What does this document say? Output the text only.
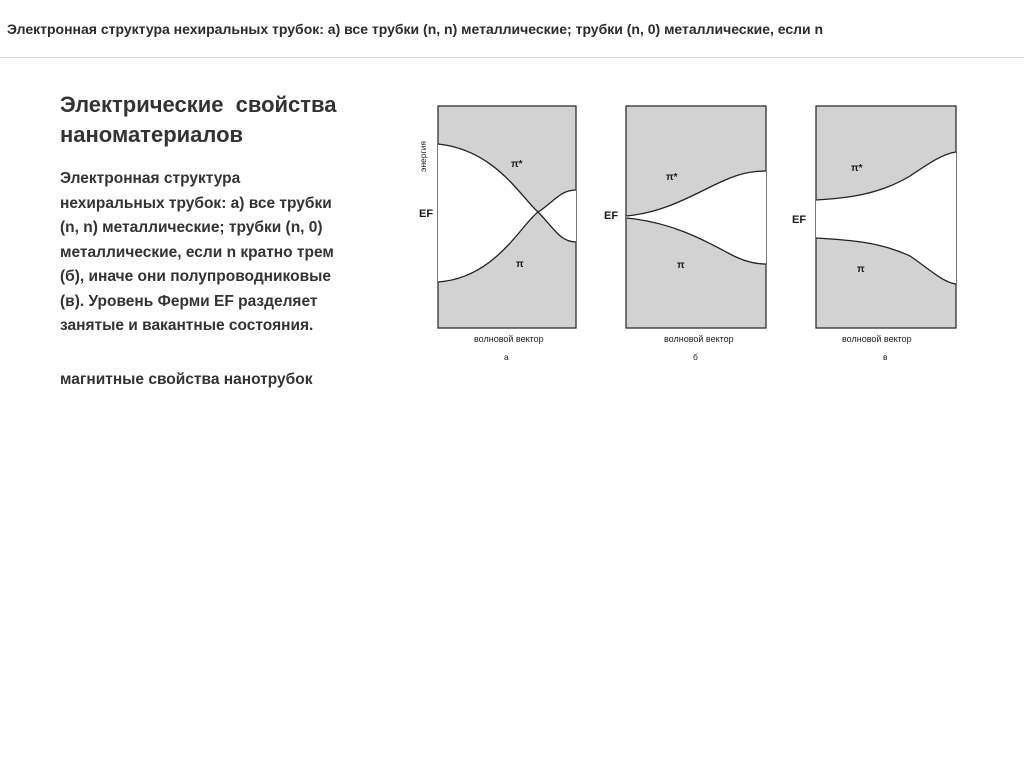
Электронная структура нехиральных трубок: а) все трубки (n, n) металлические; трубки (n, 0) металлические, если n
Электрические свойства
наноматериалов
Электронная структура
нехиральных трубок: а) все трубки
(n, n) металлические; трубки (n, 0)
металлические, если n кратно трем
(б), иначе они полупроводниковые
(в). Уровень Ферми EF разделяет
занятые и вакантные состояния.
магнитные свойства нанотрубок
энергия
EF	EF	EF
π*
π
π*
π
π*
π
волновой вектор	волновой вектор	волновой вектор
а	б	в
